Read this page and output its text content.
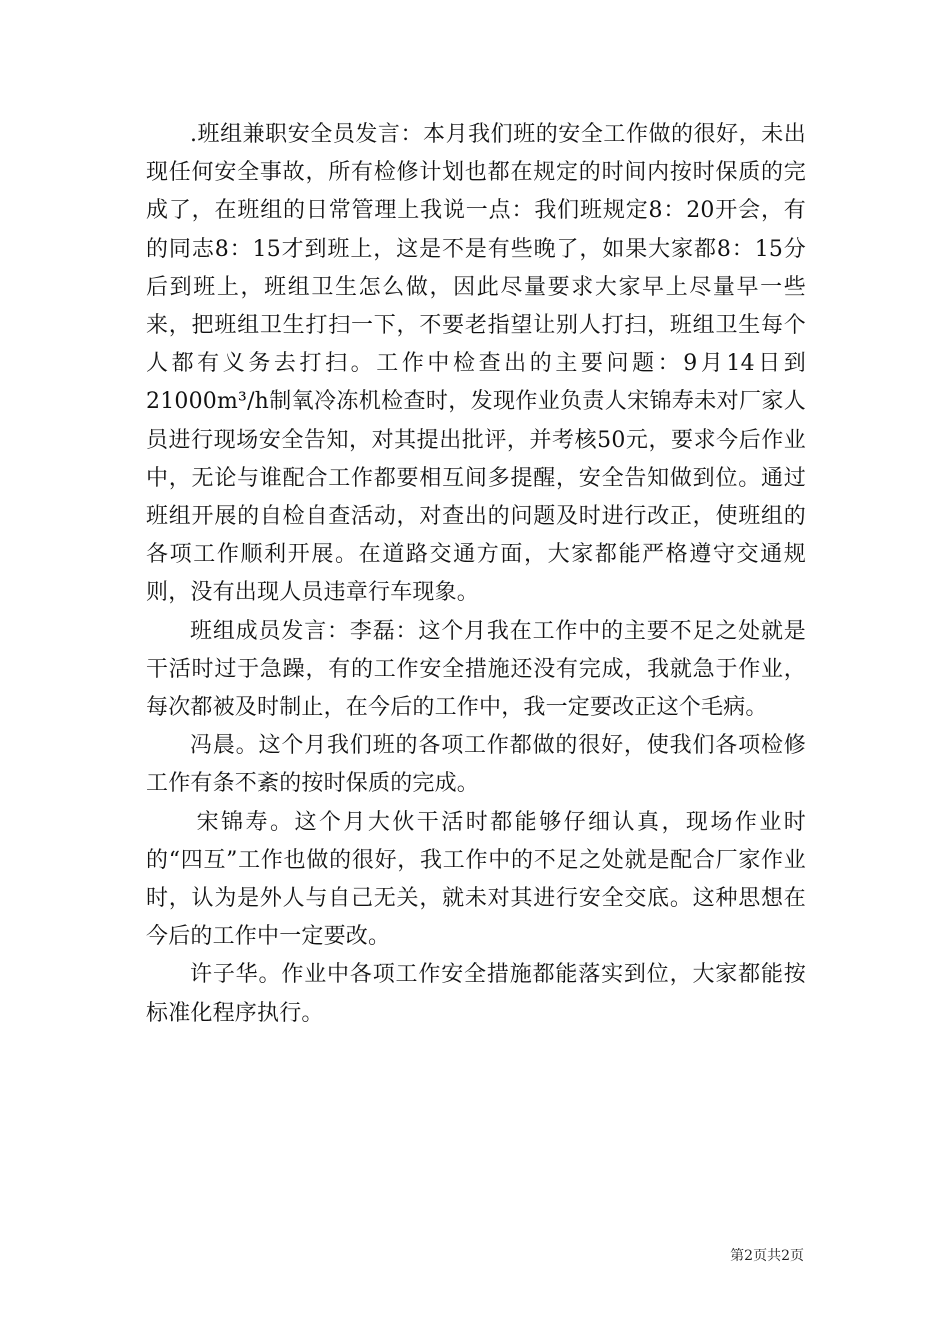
.班组兼职安全员发言：本月我们班的安全工作做的很好，未出现任何安全事故，所有检修计划也都在规定的时间内按时保质的完成了，在班组的日常管理上我说一点：我们班规定8：20开会，有的同志8：15才到班上，这是不是有些晚了，如果大家都8：15分后到班上，班组卫生怎么做，因此尽量要求大家早上尽量早一些来，把班组卫生打扫一下，不要老指望让别人打扫，班组卫生每个人都有义务去打扫。工作中检查出的主要问题：9月14日到21000m³/h制氧冷冻机检查时，发现作业负责人宋锦寿未对厂家人员进行现场安全告知，对其提出批评，并考核50元，要求今后作业中，无论与谁配合工作都要相互间多提醒，安全告知做到位。通过班组开展的自检自查活动，对查出的问题及时进行改正，使班组的各项工作顺利开展。在道路交通方面，大家都能严格遵守交通规则，没有出现人员违章行车现象。

班组成员发言：李磊：这个月我在工作中的主要不足之处就是干活时过于急躁，有的工作安全措施还没有完成，我就急于作业，每次都被及时制止，在今后的工作中，我一定要改正这个毛病。

冯晨。这个月我们班的各项工作都做的很好，使我们各项检修工作有条不紊的按时保质的完成。

宋锦寿。这个月大伙干活时都能够仔细认真，现场作业时的“四互”工作也做的很好，我工作中的不足之处就是配合厂家作业时，认为是外人与自己无关，就未对其进行安全交底。这种思想在今后的工作中一定要改。

许子华。作业中各项工作安全措施都能落实到位，大家都能按标准化程序执行。

第2页共2页
